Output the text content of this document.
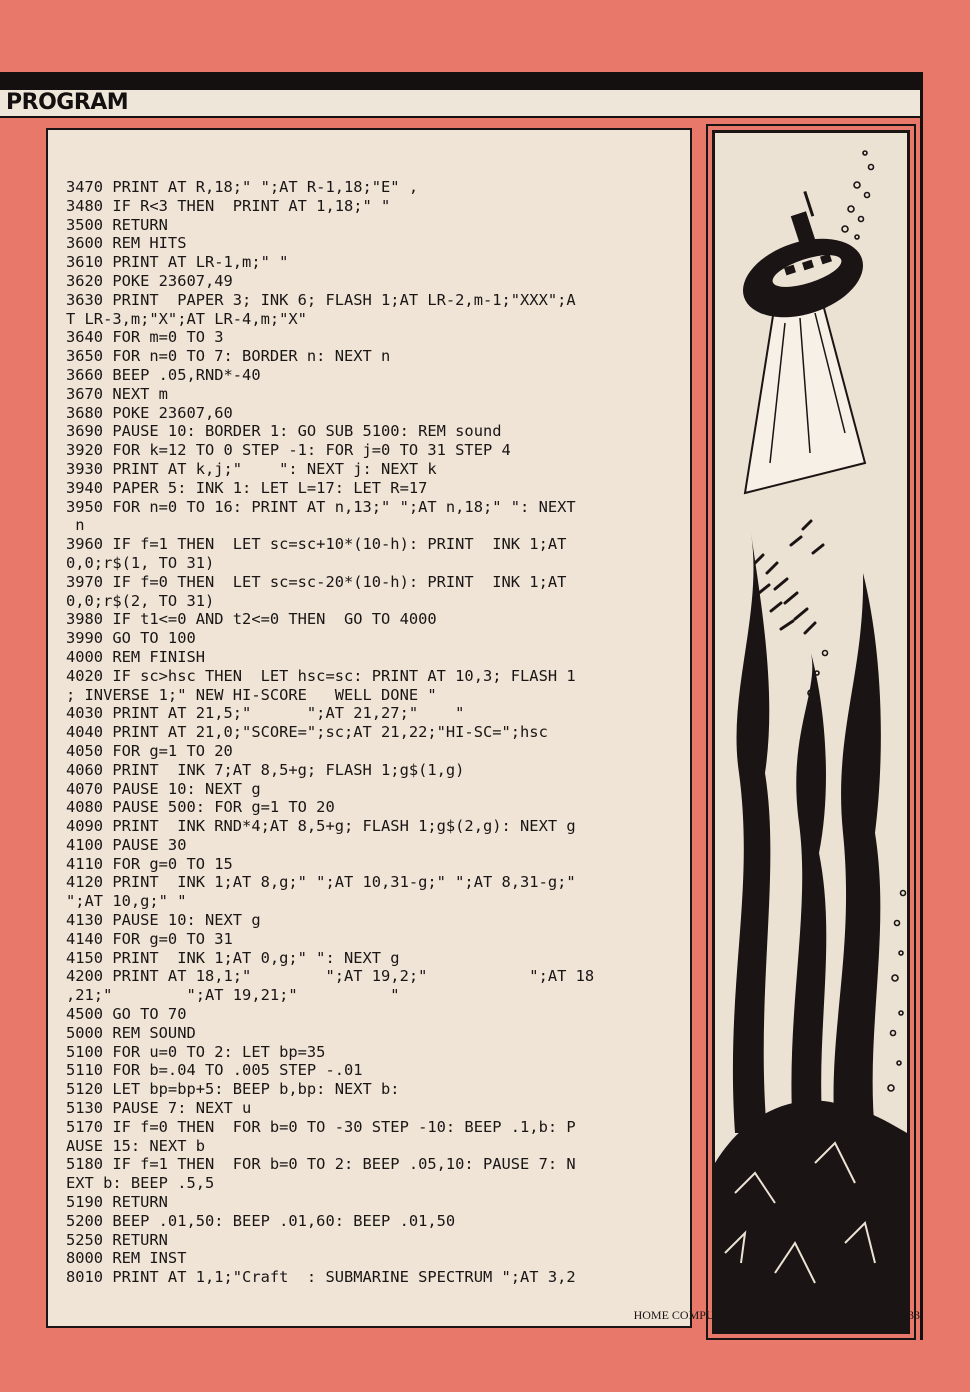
PROGRAM
3470 PRINT AT R,18;" ";AT R-1,18;"E" ,
3480 IF R<3 THEN  PRINT AT 1,18;" "
3500 RETURN
3600 REM HITS
3610 PRINT AT LR-1,m;" "
3620 POKE 23607,49
3630 PRINT  PAPER 3; INK 6; FLASH 1;AT LR-2,m-1;"XXX";A
T LR-3,m;"X";AT LR-4,m;"X"
3640 FOR m=0 TO 3
3650 FOR n=0 TO 7: BORDER n: NEXT n
3660 BEEP .05,RND*-40
3670 NEXT m
3680 POKE 23607,60
3690 PAUSE 10: BORDER 1: GO SUB 5100: REM sound
3920 FOR k=12 TO 0 STEP -1: FOR j=0 TO 31 STEP 4
3930 PRINT AT k,j;"    ": NEXT j: NEXT k
3940 PAPER 5: INK 1: LET L=17: LET R=17
3950 FOR n=0 TO 16: PRINT AT n,13;" ";AT n,18;" ": NEXT
n
3960 IF f=1 THEN  LET sc=sc+10*(10-h): PRINT  INK 1;AT
0,0;r$(1, TO 31)
3970 IF f=0 THEN  LET sc=sc-20*(10-h): PRINT  INK 1;AT
0,0;r$(2, TO 31)
3980 IF t1<=0 AND t2<=0 THEN  GO TO 4000
3990 GO TO 100
4000 REM FINISH
4020 IF sc>hsc THEN  LET hsc=sc: PRINT AT 10,3; FLASH 1
; INVERSE 1;" NEW HI-SCORE   WELL DONE "
4030 PRINT AT 21,5;"      ";AT 21,27;"    "
4040 PRINT AT 21,0;"SCORE=";sc;AT 21,22;"HI-SC=";hsc
4050 FOR g=1 TO 20
4060 PRINT  INK 7;AT 8,5+g; FLASH 1;g$(1,g)
4070 PAUSE 10: NEXT g
4080 PAUSE 500: FOR g=1 TO 20
4090 PRINT  INK RND*4;AT 8,5+g; FLASH 1;g$(2,g): NEXT g
4100 PAUSE 30
4110 FOR g=0 TO 15
4120 PRINT  INK 1;AT 8,g;" ";AT 10,31-g;" ";AT 8,31-g;"
";AT 10,g;" "
4130 PAUSE 10: NEXT g
4140 FOR g=0 TO 31
4150 PRINT  INK 1;AT 0,g;" ": NEXT g
4200 PRINT AT 18,1;"        ";AT 19,2;"           ";AT 18
,21;"        ";AT 19,21;"          "
4500 GO TO 70
5000 REM SOUND
5100 FOR u=0 TO 2: LET bp=35
5110 FOR b=.04 TO .005 STEP -.01
5120 LET bp=bp+5: BEEP b,bp: NEXT b:
5130 PAUSE 7: NEXT u
5170 IF f=0 THEN  FOR b=0 TO -30 STEP -10: BEEP .1,b: P
AUSE 15: NEXT b
5180 IF f=1 THEN  FOR b=0 TO 2: BEEP .05,10: PAUSE 7: N
EXT b: BEEP .5,5
5190 RETURN
5200 BEEP .01,50: BEEP .01,60: BEEP .01,50
5250 RETURN
8000 REM INST
8010 PRINT AT 1,1;"Craft  : SUBMARINE SPECTRUM ";AT 3,2
HOME COMPUTING WEEKLY 30 October 1984 Page 33
